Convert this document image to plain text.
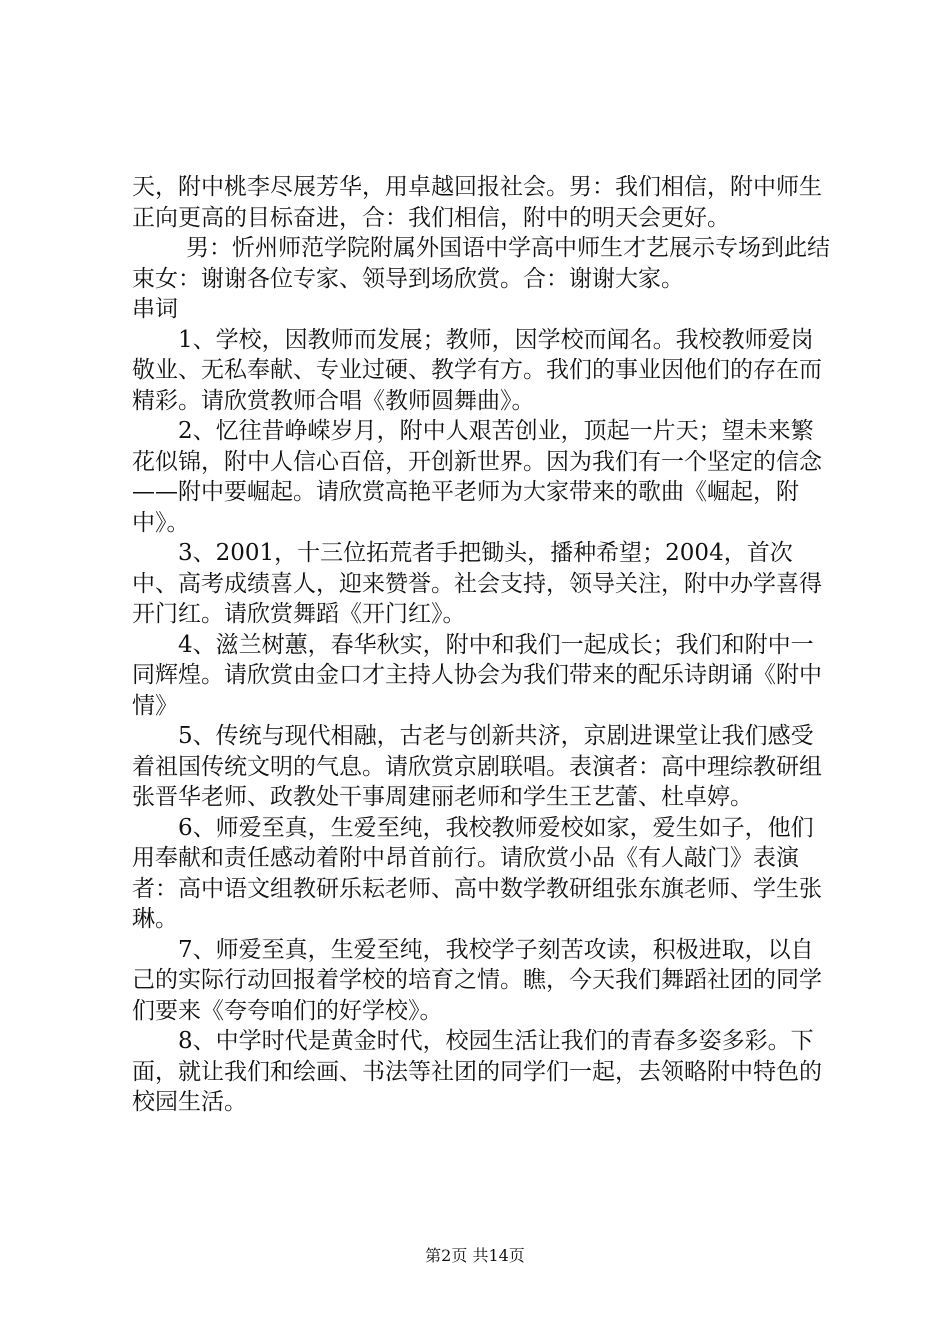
天，附中桃李尽展芳华，用卓越回报社会。男：我们相信，附中师生正向更高的目标奋进，合：我们相信，附中的明天会更好。

男：忻州师范学院附属外国语中学高中师生才艺展示专场到此结束女：谢谢各位专家、领导到场欣赏。合：谢谢大家。

串词

1、学校，因教师而发展；教师，因学校而闻名。我校教师爱岗敬业、无私奉献、专业过硬、教学有方。我们的事业因他们的存在而精彩。请欣赏教师合唱《教师圆舞曲》。

2、忆往昔峥嵘岁月，附中人艰苦创业，顶起一片天；望未来繁花似锦，附中人信心百倍，开创新世界。因为我们有一个坚定的信念——附中要崛起。请欣赏高艳平老师为大家带来的歌曲《崛起，附中》。

3、2001，十三位拓荒者手把锄头，播种希望；2004，首次中、高考成绩喜人，迎来赞誉。社会支持，领导关注，附中办学喜得开门红。请欣赏舞蹈《开门红》。

4、滋兰树蕙，春华秋实，附中和我们一起成长；我们和附中一同辉煌。请欣赏由金口才主持人协会为我们带来的配乐诗朗诵《附中情》

5、传统与现代相融，古老与创新共济，京剧进课堂让我们感受着祖国传统文明的气息。请欣赏京剧联唱。表演者：高中理综教研组张晋华老师、政教处干事周建丽老师和学生王艺蕾、杜卓婷。

6、师爱至真，生爱至纯，我校教师爱校如家，爱生如子，他们用奉献和责任感动着附中昂首前行。请欣赏小品《有人敲门》表演者：高中语文组教研乐耘老师、高中数学教研组张东旗老师、学生张琳。

7、师爱至真，生爱至纯，我校学子刻苦攻读，积极进取，以自己的实际行动回报着学校的培育之情。瞧，今天我们舞蹈社团的同学们要来《夸夸咱们的好学校》。

8、中学时代是黄金时代，校园生活让我们的青春多姿多彩。下面，就让我们和绘画、书法等社团的同学们一起，去领略附中特色的校园生活。

第2页 共14页
